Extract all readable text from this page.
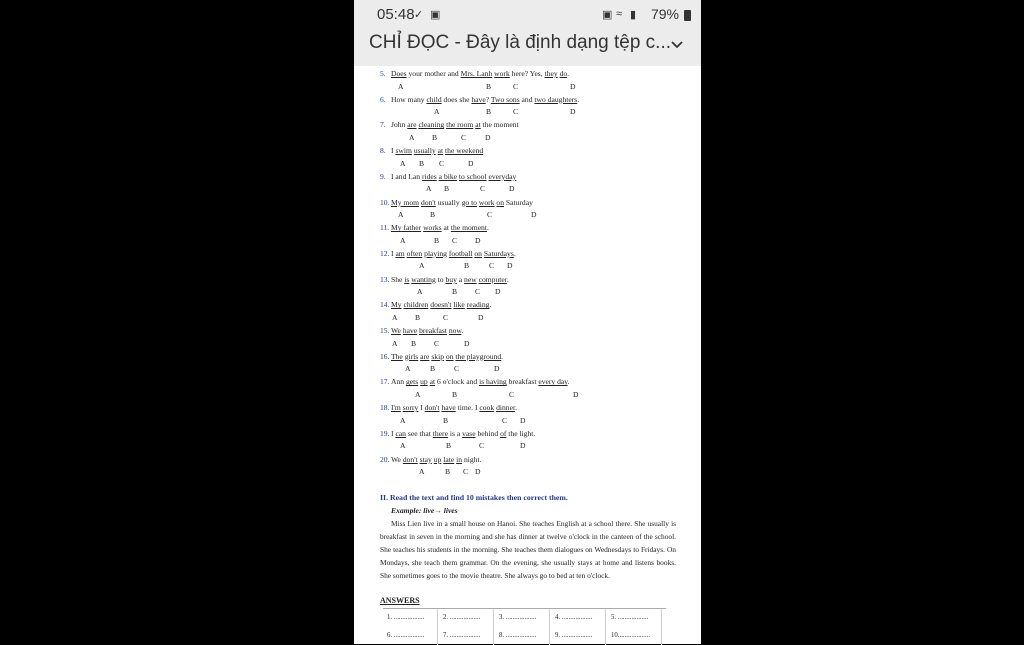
05:48 ✓ ▣	▣ ≈ ▮ 79%
CHỈ ĐỌC - Đây là định dạng tệp c...
5. Does your mother and Mrs. Lanh work here? Yes, they do.
A	B	C	D
6. How many child does she have? Two sons and two daughters.
A	B	C	D
7. John are cleaning the room at the moment
A B	C D
8. I swim usually at the weekend
A B C	D
9. I and Lan rides a bike to school everyday
A B	C	D
10. My mom don't usually go to work on Saturday
A	B	C	D
11. My father works at the moment.
A	B C D
12. I am often playing football on Saturdays.
A	B	C D
13. She is wanting to buy a new computer.
A	B C D
14. My children doesn't like reading.
A B	C	D
15. We have breakfast now.
A B C	D
16. The girls are skip on the playground.
A	B C	D
17. Ann gets up at 6 o'clock and is having breakfast every day.
A	B	C	D
18. I'm sorry I don't have time. I cook dinner.
A	B	C D
19. I can see that there is a vase behind of the light.
A	B	C	D
20. We don't stay up late in night.
A	B C D
II. Read the text and find 10 mistakes then correct them.
Example: live→ lives
Miss Lien live in a small house on Hanoi. She teaches English at a school there. She usually is breakfast in seven in the morning and she has dinner at twelve o'clock in the canteen of the school. She teaches his students in the morning. She teaches them dialogues on Wednesdays to Fridays. On Mondays, she teach them grammar. On the evening, she usually stays at home and listens books. She sometimes goes to the movie theatre. She always go to bed at ten o'clock.
ANSWERS
1. ..................	2. ..................	3. ..................	4. ..................	5. ..................
6. ..................	7. ..................	8. ..................	9. ..................	10...................
